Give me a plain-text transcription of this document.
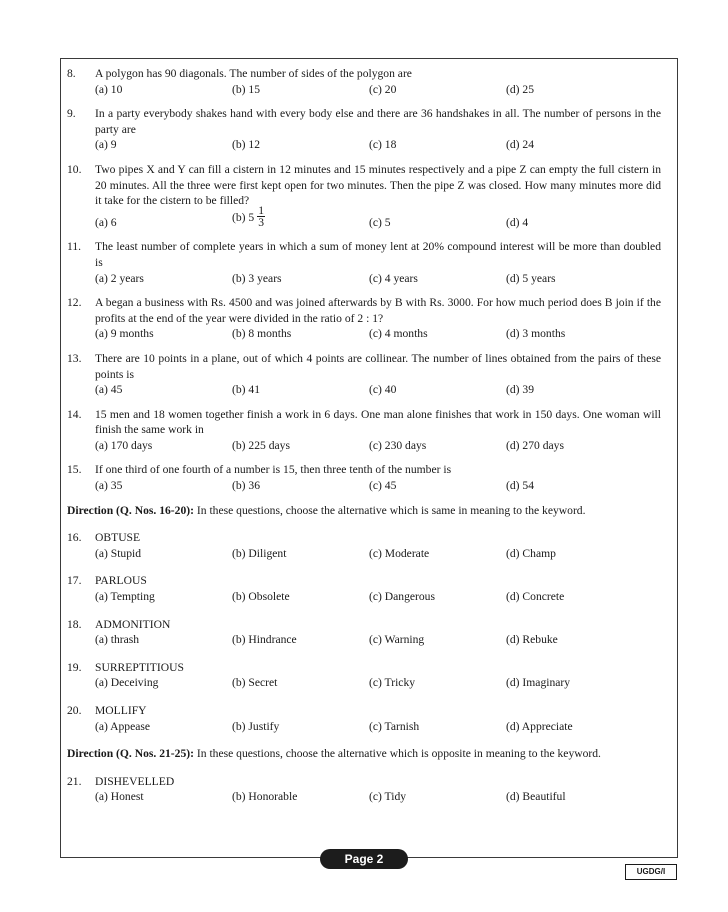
8. A polygon has 90 diagonals. The number of sides of the polygon are
(a) 10	(b) 15	(c) 20	(d) 25
9. In a party everybody shakes hand with every body else and there are 36 handshakes in all. The number of persons in the party are
(a) 9	(b) 12	(c) 18	(d) 24
10. Two pipes X and Y can fill a cistern in 12 minutes and 15 minutes respectively and a pipe Z can empty the full cistern in 20 minutes. All the three were first kept open for two minutes. Then the pipe Z was closed. How many minutes more did it take for the cistern to be filled?
(a) 6	(b) $5 \frac{1}{3}$	(c) 5	(d) 4
11. The least number of complete years in which a sum of money lent at 20% compound interest will be more than doubled is
(a) 2 years	(b) 3 years	(c) 4 years	(d) 5 years
12. A began a business with Rs. 4500 and was joined afterwards by B with Rs. 3000. For how much period does B join if the profits at the end of the year were divided in the ratio of 2 : 1?
(a) 9 months	(b) 8 months	(c) 4 months	(d) 3 months
13. There are 10 points in a plane, out of which 4 points are collinear. The number of lines obtained from the pairs of these points is
(a) 45	(b) 41	(c) 40	(d) 39
14. 15 men and 18 women together finish a work in 6 days. One man alone finishes that work in 150 days. One woman will finish the same work in
(a) 170 days	(b) 225 days	(c) 230 days	(d) 270 days
15. If one third of one fourth of a number is 15, then three tenth of the number is
(a) 35	(b) 36	(c) 45	(d) 54
Direction (Q. Nos. 16-20): In these questions, choose the alternative which is same in meaning to the keyword.
16. OBTUSE
(a) Stupid	(b) Diligent	(c) Moderate	(d) Champ
17. PARLOUS
(a) Tempting	(b) Obsolete	(c) Dangerous	(d) Concrete
18. ADMONITION
(a) thrash	(b) Hindrance	(c) Warning	(d) Rebuke
19. SURREPTITIOUS
(a) Deceiving	(b) Secret	(c) Tricky	(d) Imaginary
20. MOLLIFY
(a) Appease	(b) Justify	(c) Tarnish	(d) Appreciate
Direction (Q. Nos. 21-25): In these questions, choose the alternative which is opposite in meaning to the keyword.
21. DISHEVELLED
(a) Honest	(b) Honorable	(c) Tidy	(d) Beautiful
Page 2
UGDG/I
